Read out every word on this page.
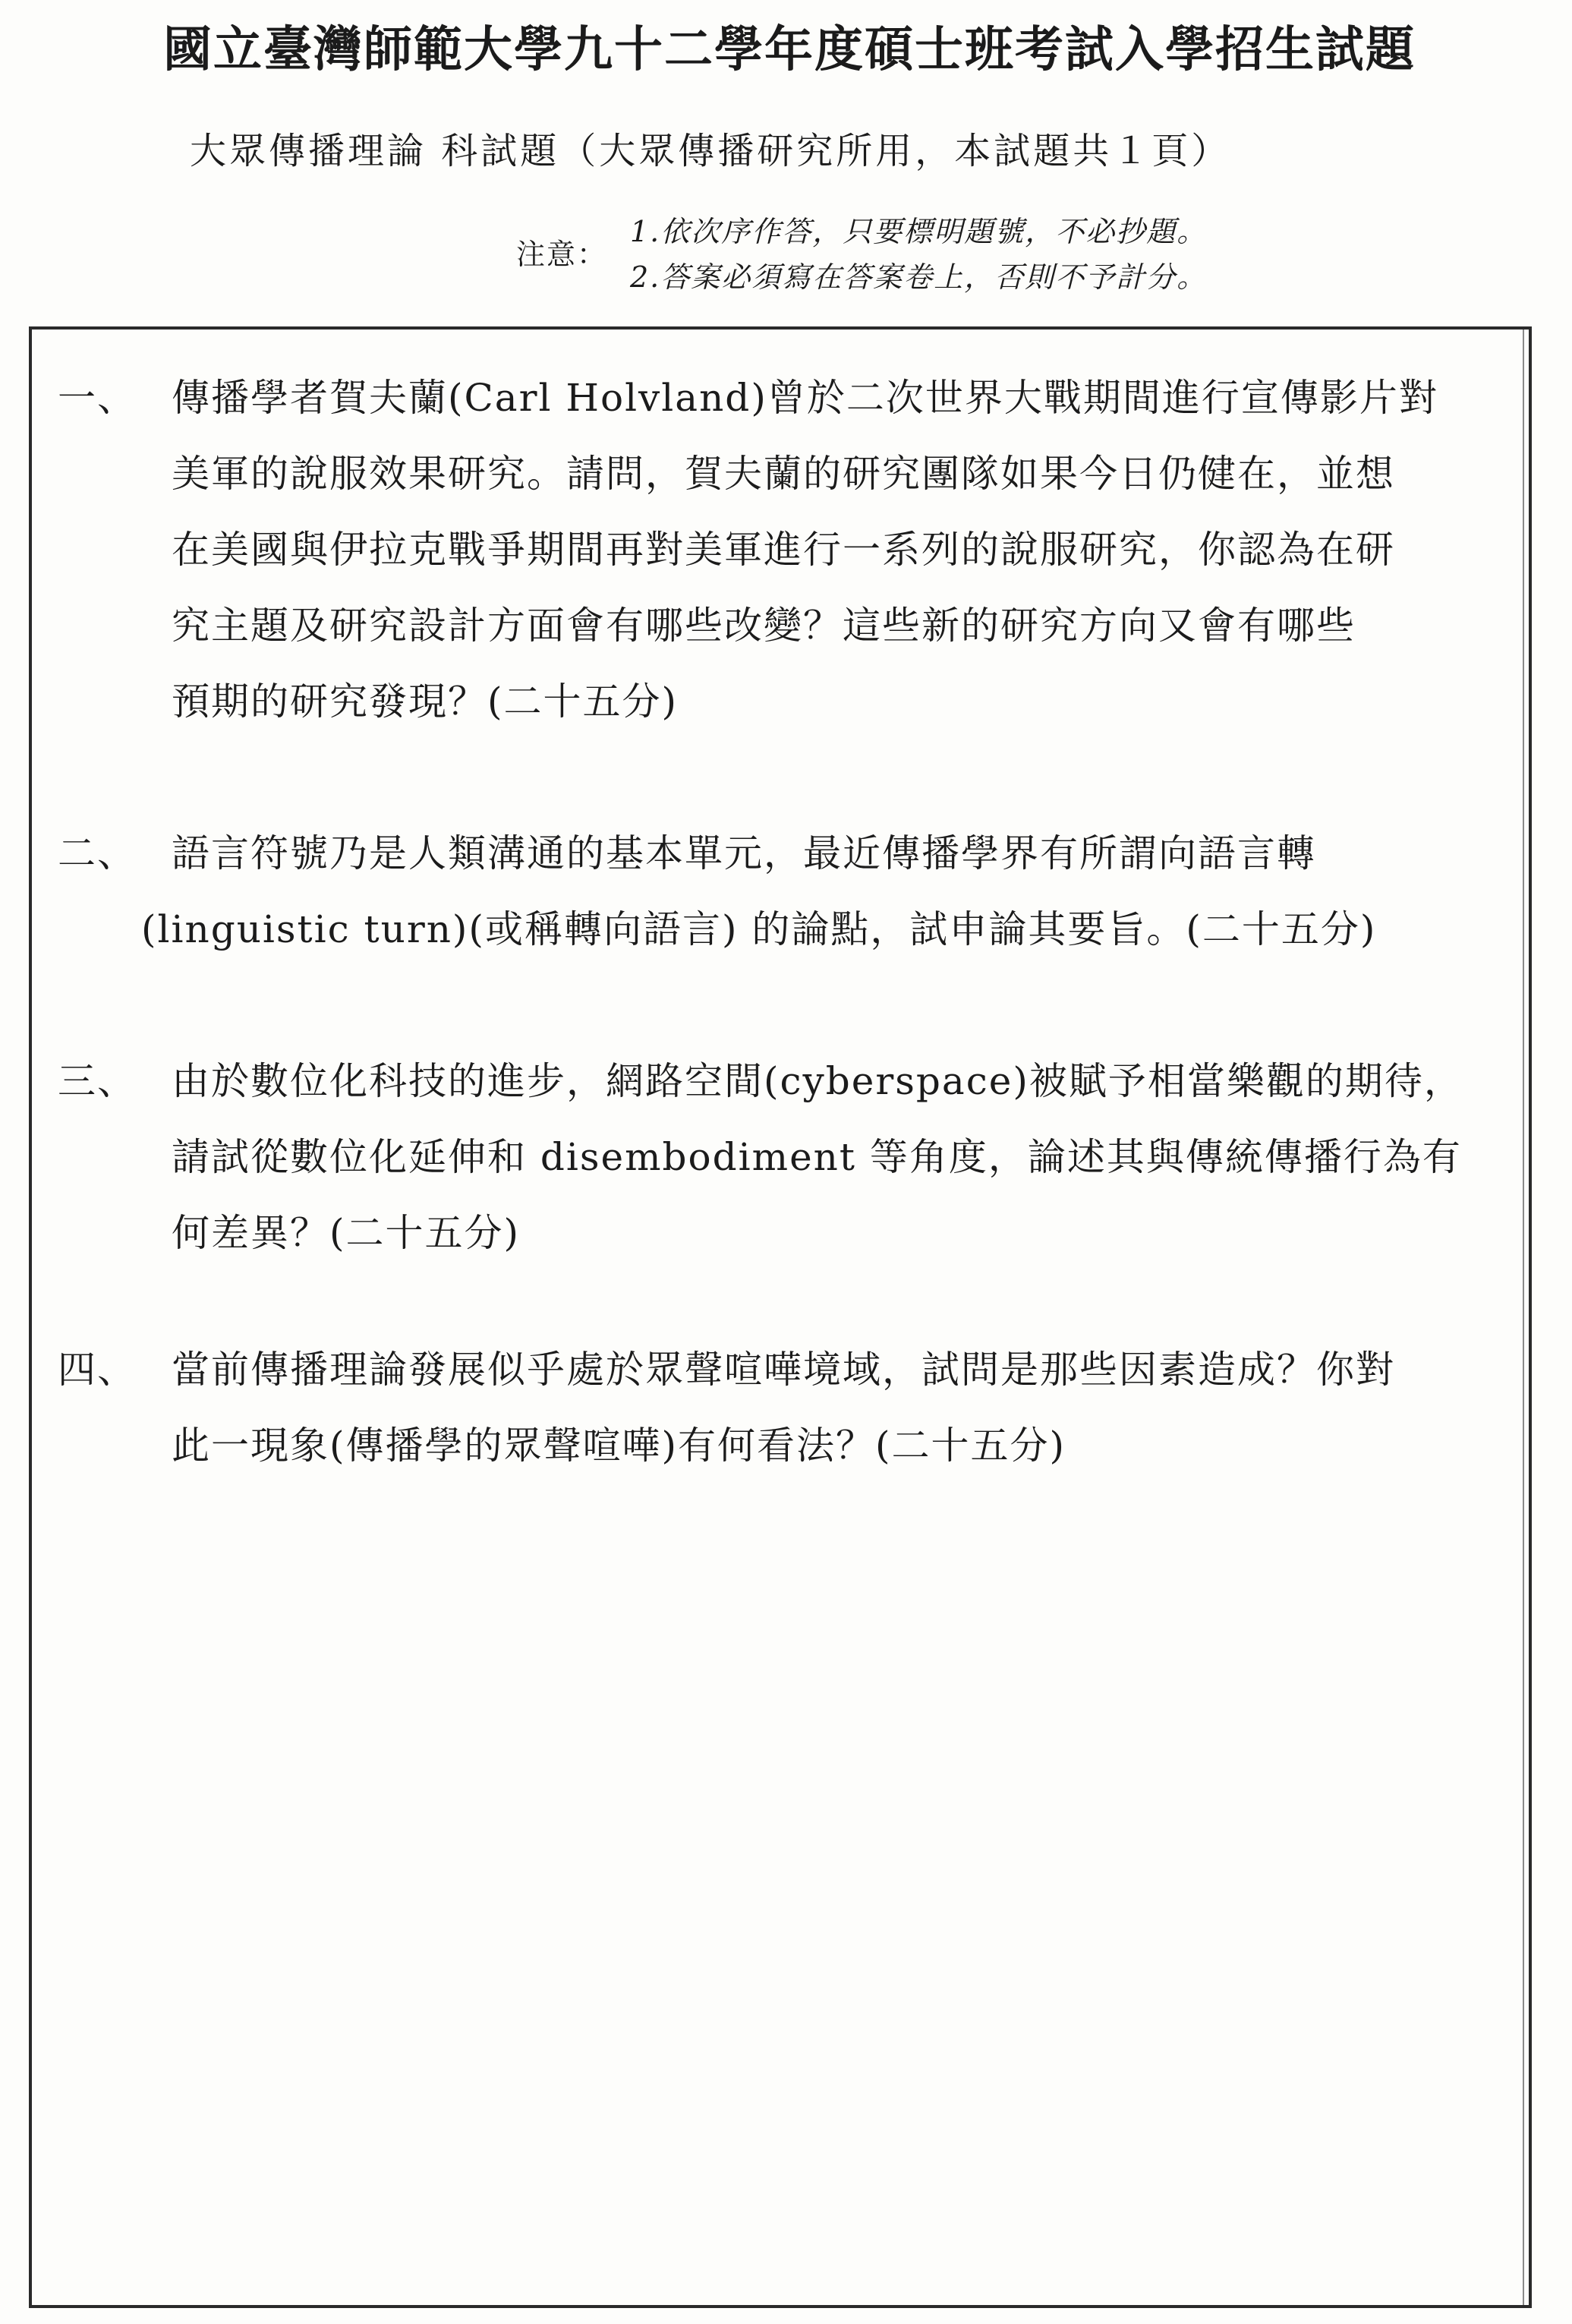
國立臺灣師範大學九十二學年度碩士班考試入學招生試題
大眾傳播理論 科試題（大眾傳播研究所用，本試題共１頁）
注意：
1.依次序作答，只要標明題號，不必抄題。
2.答案必須寫在答案卷上，否則不予計分。
一、 傳播學者賀夫蘭(Carl Holvland)曾於二次世界大戰期間進行宣傳影片對
美軍的說服效果研究。請問，賀夫蘭的研究團隊如果今日仍健在，並想
在美國與伊拉克戰爭期間再對美軍進行一系列的說服研究，你認為在研
究主題及研究設計方面會有哪些改變？這些新的研究方向又會有哪些
預期的研究發現？(二十五分)
二、 語言符號乃是人類溝通的基本單元，最近傳播學界有所謂向語言轉
(linguistic turn)(或稱轉向語言) 的論點，試申論其要旨。(二十五分)
三、 由於數位化科技的進步，網路空間(cyberspace)被賦予相當樂觀的期待，
請試從數位化延伸和 disembodiment 等角度，論述其與傳統傳播行為有
何差異？(二十五分)
四、 當前傳播理論發展似乎處於眾聲喧嘩境域，試問是那些因素造成？你對
此一現象(傳播學的眾聲喧嘩)有何看法？(二十五分)
